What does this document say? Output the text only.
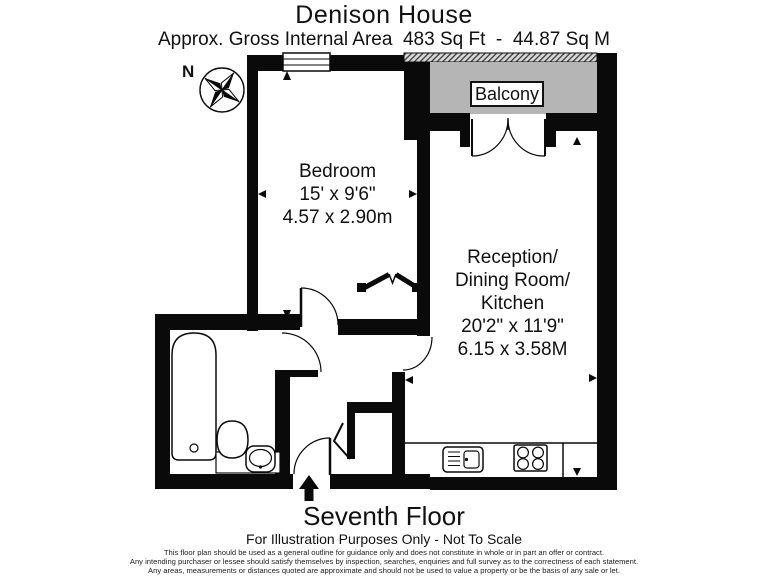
Denison House
Approx. Gross Internal Area  483 Sq Ft  -  44.87 Sq M
N
Balcony
Bedroom
15' x 9'6"
4.57 x 2.90m
Reception/
Dining Room/
Kitchen
20'2" x 11'9"
6.15 x 3.58M
Seventh Floor
For Illustration Purposes Only - Not To Scale
This floor plan should be used as a general outline for guidance only and does not constitute in whole or in part an offer or contract.
Any intending purchaser or lessee should satisfy themselves by inspection, searches, enquiries and full survey as to the correctness of each statement.
Any areas, measurements or distances quoted are approximate and should not be used to value a property or be the basis of any sale or let.
